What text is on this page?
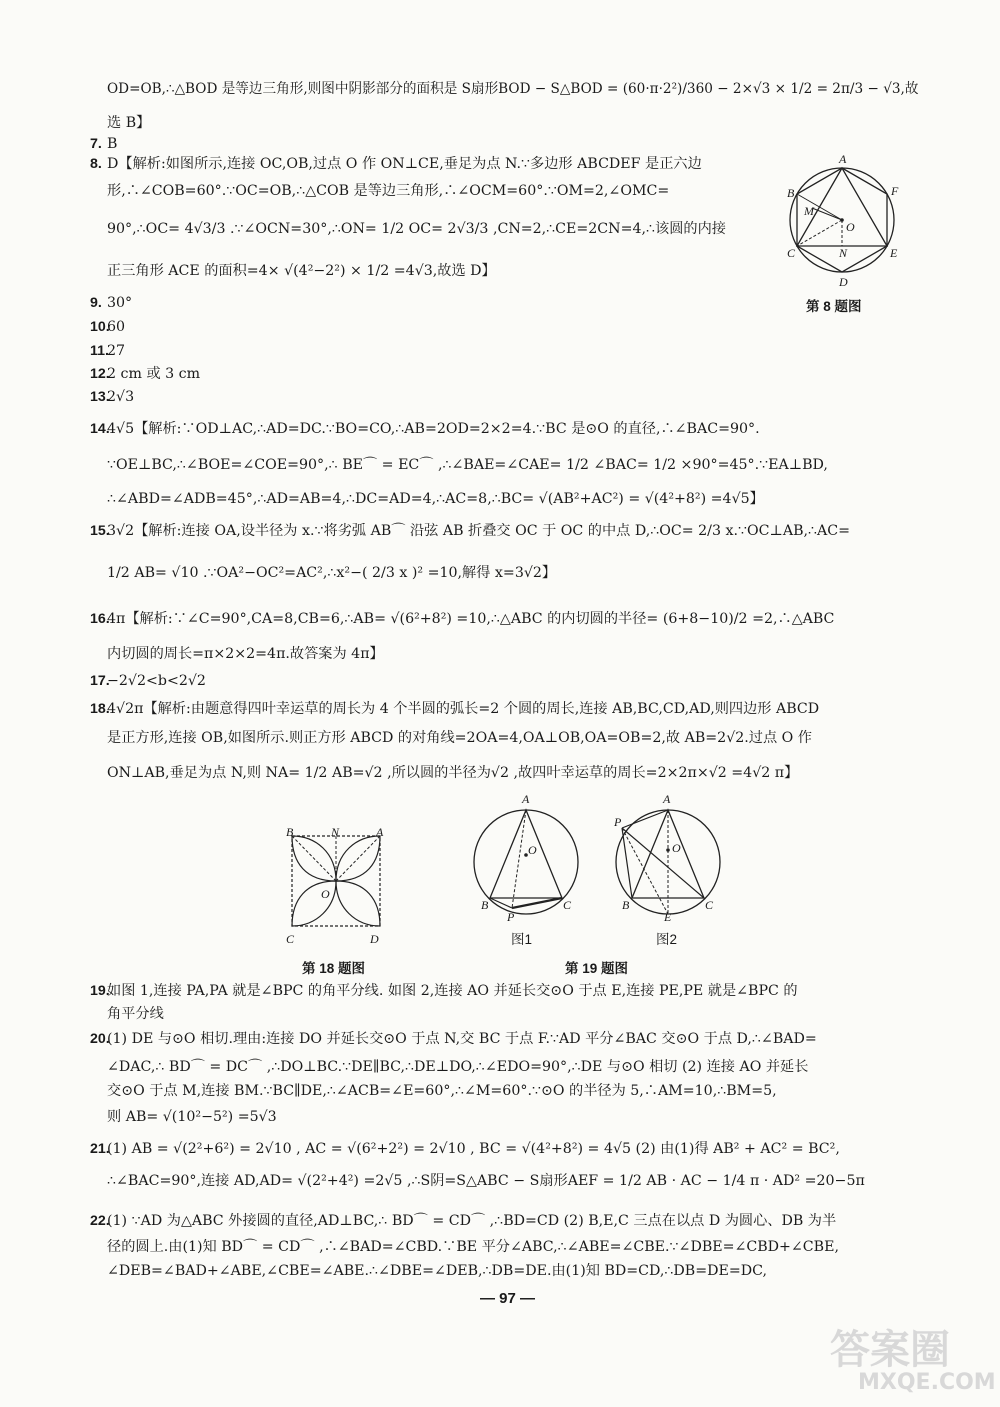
OD=OB,∴△BOD 是等边三角形,则图中阴影部分的面积是 S扇形BOD − S△BOD = (60·π·2²)/360 − 2×√3 × 1/2 = 2π/3 − √3,故
选 B】
7. B
8. D【解析:如图所示,连接 OC,OB,过点 O 作 ON⊥CE,垂足为点 N.∵多边形 ABCDEF 是正六边
形,∴∠COB=60°.∵OC=OB,∴△COB 是等边三角形,∴∠OCM=60°.∵OM=2,∠OMC=
90°,∴OC= 4√3/3 .∵∠OCN=30°,∴ON= 1/2 OC= 2√3/3 ,CN=2,∴CE=2CN=4,∴该圆的内接
正三角形 ACE 的面积=4× √(4²−2²) × 1/2 =4√3,故选 D】
9. 30°
10.60
11.27
12.2 cm 或 3 cm
13.2√3
14.4√5【解析:∵OD⊥AC,∴AD=DC.∵BO=CO,∴AB=2OD=2×2=4.∵BC 是⊙O 的直径,∴∠BAC=90°.
∵OE⊥BC,∴∠BOE=∠COE=90°,∴ BE⌒ = EC⌒ ,∴∠BAE=∠CAE= 1/2 ∠BAC= 1/2 ×90°=45°.∵EA⊥BD,
∴∠ABD=∠ADB=45°,∴AD=AB=4,∴DC=AD=4,∴AC=8,∴BC= √(AB²+AC²) = √(4²+8²) =4√5】
15.3√2【解析:连接 OA,设半径为 x.∵将劣弧 AB⌒ 沿弦 AB 折叠交 OC 于 OC 的中点 D,∴OC= 2/3 x.∵OC⊥AB,∴AC=
1/2 AB= √10 .∵OA²−OC²=AC²,∴x²−( 2/3 x )² =10,解得 x=3√2】
16.4π【解析:∵∠C=90°,CA=8,CB=6,∴AB= √(6²+8²) =10,∴△ABC 的内切圆的半径= (6+8−10)/2 =2,∴△ABC
内切圆的周长=π×2×2=4π.故答案为 4π】
17.−2√2<b<2√2
18.4√2π【解析:由题意得四叶幸运草的周长为 4 个半圆的弧长=2 个圆的周长,连接 AB,BC,CD,AD,则四边形 ABCD
是正方形,连接 OB,如图所示.则正方形 ABCD 的对角线=2OA=4,OA⊥OB,OA=OB=2,故 AB=2√2.过点 O 作
ON⊥AB,垂足为点 N,则 NA= 1/2 AB=√2 ,所以圆的半径为√2 ,故四叶幸运草的周长=2×2π×√2 =4√2 π】
19.如图 1,连接 PA,PA 就是∠BPC 的角平分线. 如图 2,连接 AO 并延长交⊙O 于点 E,连接 PE,PE 就是∠BPC 的
角平分线
20.(1) DE 与⊙O 相切.理由:连接 DO 并延长交⊙O 于点 N,交 BC 于点 F.∵AD 平分∠BAC 交⊙O 于点 D,∴∠BAD=
∠DAC,∴ BD⌒ = DC⌒ ,∴DO⊥BC.∵DE∥BC,∴DE⊥DO,∴∠EDO=90°,∴DE 与⊙O 相切 (2) 连接 AO 并延长
交⊙O 于点 M,连接 BM.∵BC∥DE,∴∠ACB=∠E=60°,∴∠M=60°.∵⊙O 的半径为 5,∴AM=10,∴BM=5,
则 AB= √(10²−5²) =5√3
21.(1) AB = √(2²+6²) = 2√10 , AC = √(6²+2²) = 2√10 , BC = √(4²+8²) = 4√5 (2) 由(1)得 AB² + AC² = BC²,
∴∠BAC=90°,连接 AD,AD= √(2²+4²) =2√5 ,∴S阴=S△ABC − S扇形AEF = 1/2 AB · AC − 1/4 π · AD² =20−5π
22.(1) ∵AD 为△ABC 外接圆的直径,AD⊥BC,∴ BD⌒ = CD⌒ ,∴BD=CD (2) B,E,C 三点在以点 D 为圆心、DB 为半
径的圆上.由(1)知 BD⌒ = CD⌒ ,∴∠BAD=∠CBD.∵BE 平分∠ABC,∴∠ABE=∠CBE.∵∠DBE=∠CBD+∠CBE,
∠DEB=∠BAD+∠ABE,∠CBE=∠ABE.∴∠DBE=∠DEB,∴DB=DE.由(1)知 BD=CD,∴DB=DE=DC,
A
B	F
M
O
C	N	E
D
第 8 题图
B	N	A
O
C	D
第 18 题图
A
O
B
P
C
图1
A
P
O
B
E
C
图2
第 19 题图
— 97 —
答案圈
MXQE.COM
